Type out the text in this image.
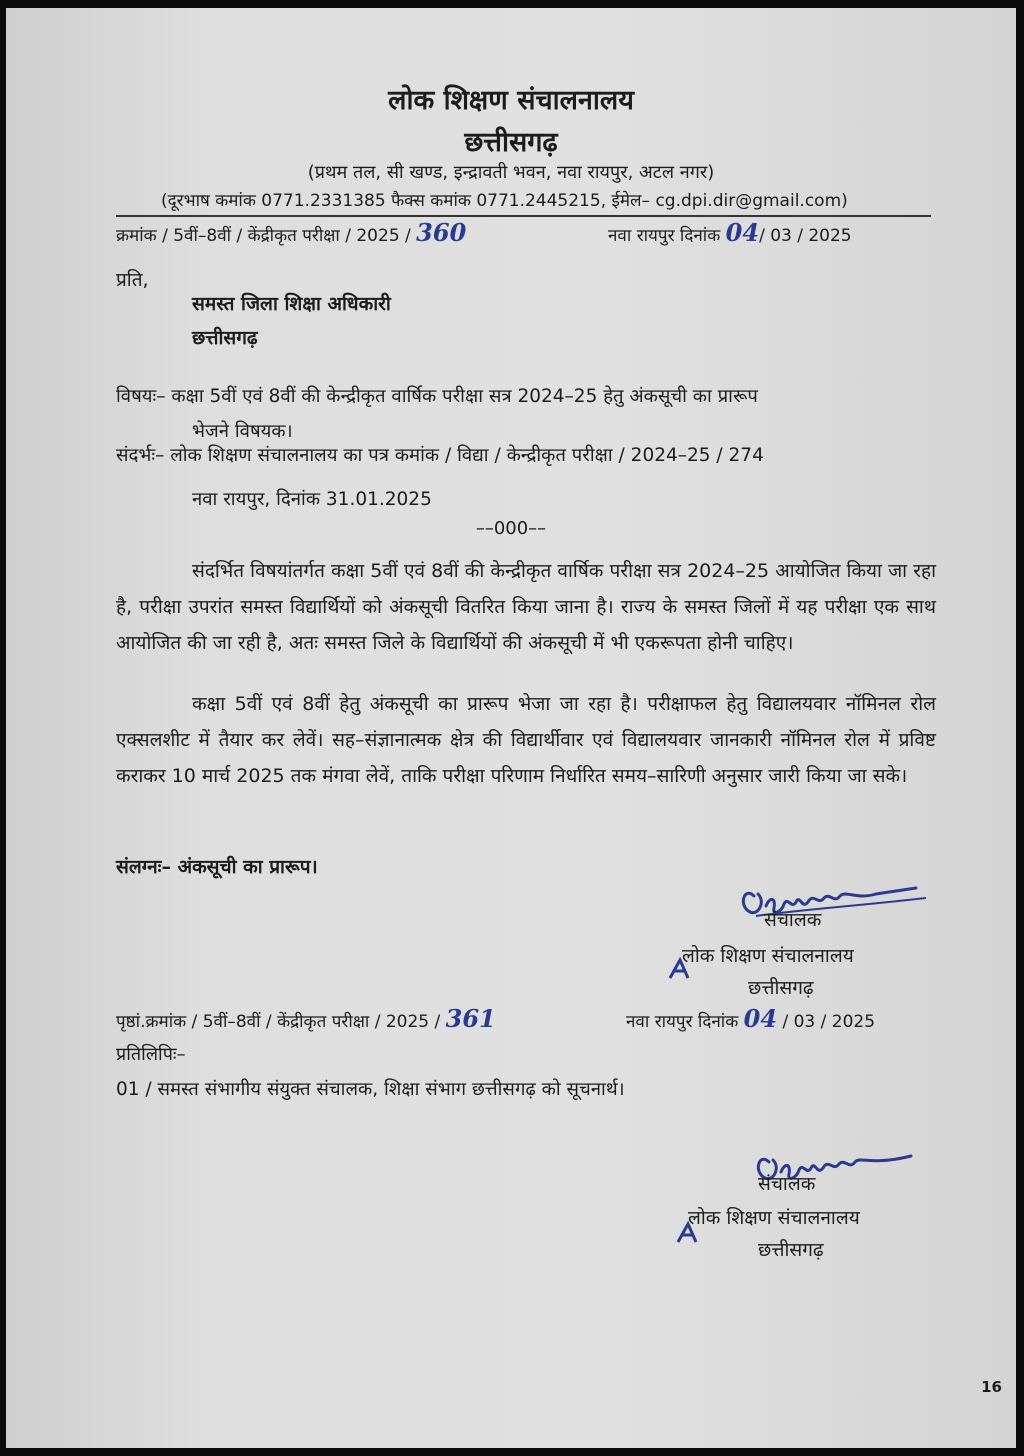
लोक शिक्षण संचालनालय
छत्तीसगढ़
(प्रथम तल, सी खण्ड, इन्द्रावती भवन, नवा रायपुर, अटल नगर)
(दूरभाष कमांक 0771.2331385 फैक्स कमांक 0771.2445215, ईमेल– cg.dpi.dir@gmail.com)
क्रमांक / 5वीं–8वीं / केंद्रीकृत परीक्षा / 2025 / 360	नवा रायपुर दिनांक 04/ 03 / 2025
प्रति,
समस्त जिला शिक्षा अधिकारी
छत्तीसगढ़
विषयः– कक्षा 5वीं एवं 8वीं की केन्द्रीकृत वार्षिक परीक्षा सत्र 2024–25 हेतु अंकसूची का प्रारूप
भेजने विषयक।
संदर्भः– लोक शिक्षण संचालनालय का पत्र कमांक / विद्या / केन्द्रीकृत परीक्षा / 2024–25 / 274
नवा रायपुर, दिनांक 31.01.2025
––000––
संदर्भित विषयांतर्गत कक्षा 5वीं एवं 8वीं की केन्द्रीकृत वार्षिक परीक्षा सत्र 2024–25 आयोजित किया जा रहा है, परीक्षा उपरांत समस्त विद्यार्थियों को अंकसूची वितरित किया जाना है। राज्य के समस्त जिलों में यह परीक्षा एक साथ आयोजित की जा रही है, अतः समस्त जिले के विद्यार्थियों की अंकसूची में भी एकरूपता होनी चाहिए।
कक्षा 5वीं एवं 8वीं हेतु अंकसूची का प्रारूप भेजा जा रहा है। परीक्षाफल हेतु विद्यालयवार नॉमिनल रोल एक्सलशीट में तैयार कर लेवें। सह–संज्ञानात्मक क्षेत्र की विद्यार्थीवार एवं विद्यालयवार जानकारी नॉमिनल रोल में प्रविष्ट कराकर 10 मार्च 2025 तक मंगवा लेवें, ताकि परीक्षा परिणाम निर्धारित समय–सारिणी अनुसार जारी किया जा सके।
संलग्नः– अंकसूची का प्रारूप।
संचालक
लोक शिक्षण संचालनालय
छत्तीसगढ़
पृष्ठां.क्रमांक / 5वीं–8वीं / केंद्रीकृत परीक्षा / 2025 / 361	नवा रायपुर दिनांक 04 / 03 / 2025
प्रतिलिपिः–
01 / समस्त संभागीय संयुक्त संचालक, शिक्षा संभाग छत्तीसगढ़ को सूचनार्थ।
संचालक
लोक शिक्षण संचालनालय
छत्तीसगढ़
16
